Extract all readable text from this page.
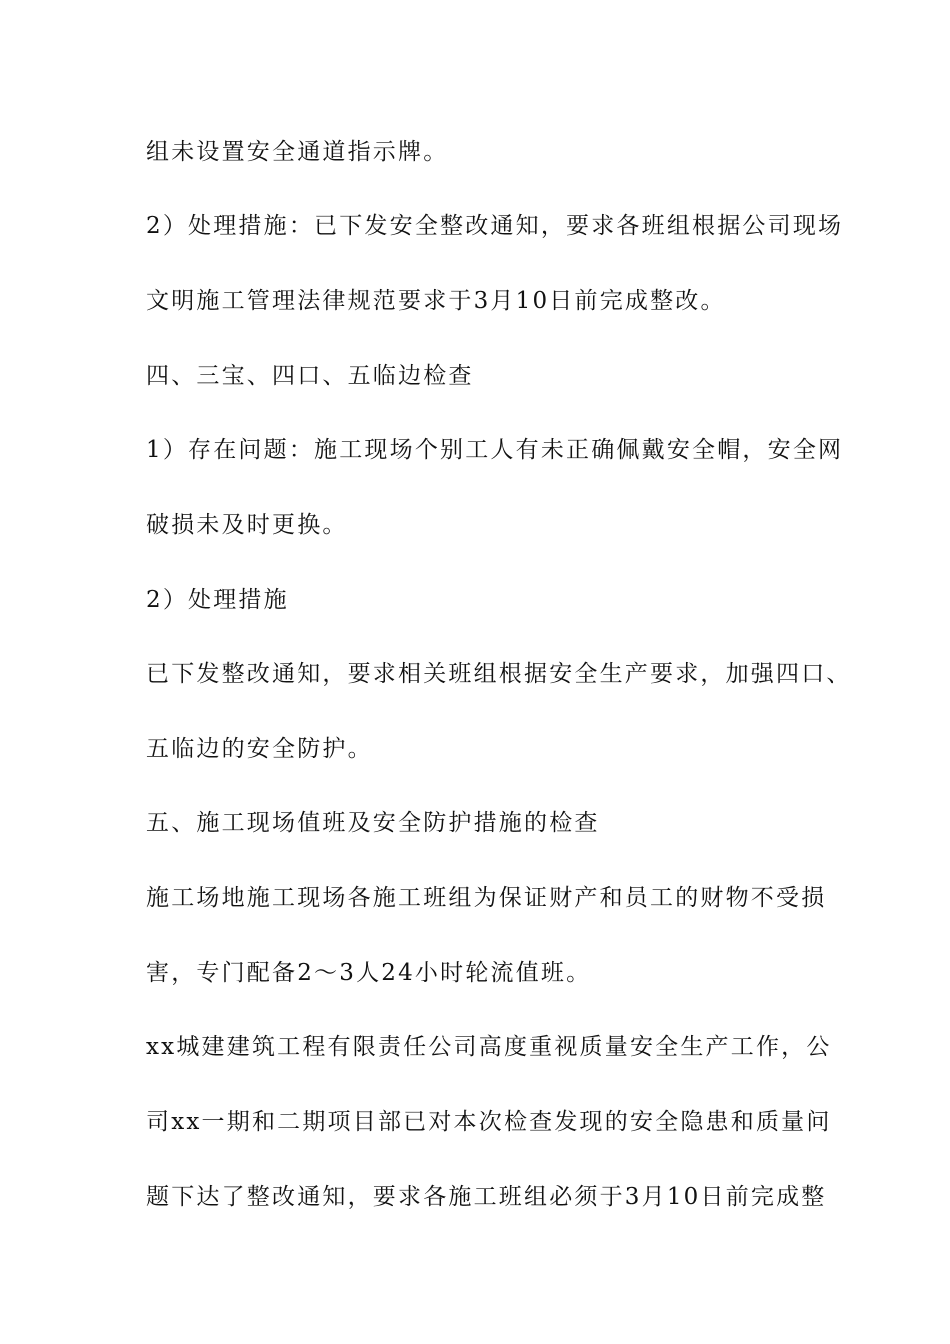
组未设置安全通道指示牌。
2）处理措施：已下发安全整改通知，要求各班组根据公司现场
文明施工管理法律规范要求于3月10日前完成整改。
四、三宝、四口、五临边检查
1）存在问题：施工现场个别工人有未正确佩戴安全帽，安全网
破损未及时更换。
2）处理措施
已下发整改通知，要求相关班组根据安全生产要求，加强四口、
五临边的安全防护。
五、施工现场值班及安全防护措施的检查
施工场地施工现场各施工班组为保证财产和员工的财物不受损
害，专门配备2～3人24小时轮流值班。
xx城建建筑工程有限责任公司高度重视质量安全生产工作，公
司xx一期和二期项目部已对本次检查发现的安全隐患和质量问
题下达了整改通知，要求各施工班组必须于3月10日前完成整
